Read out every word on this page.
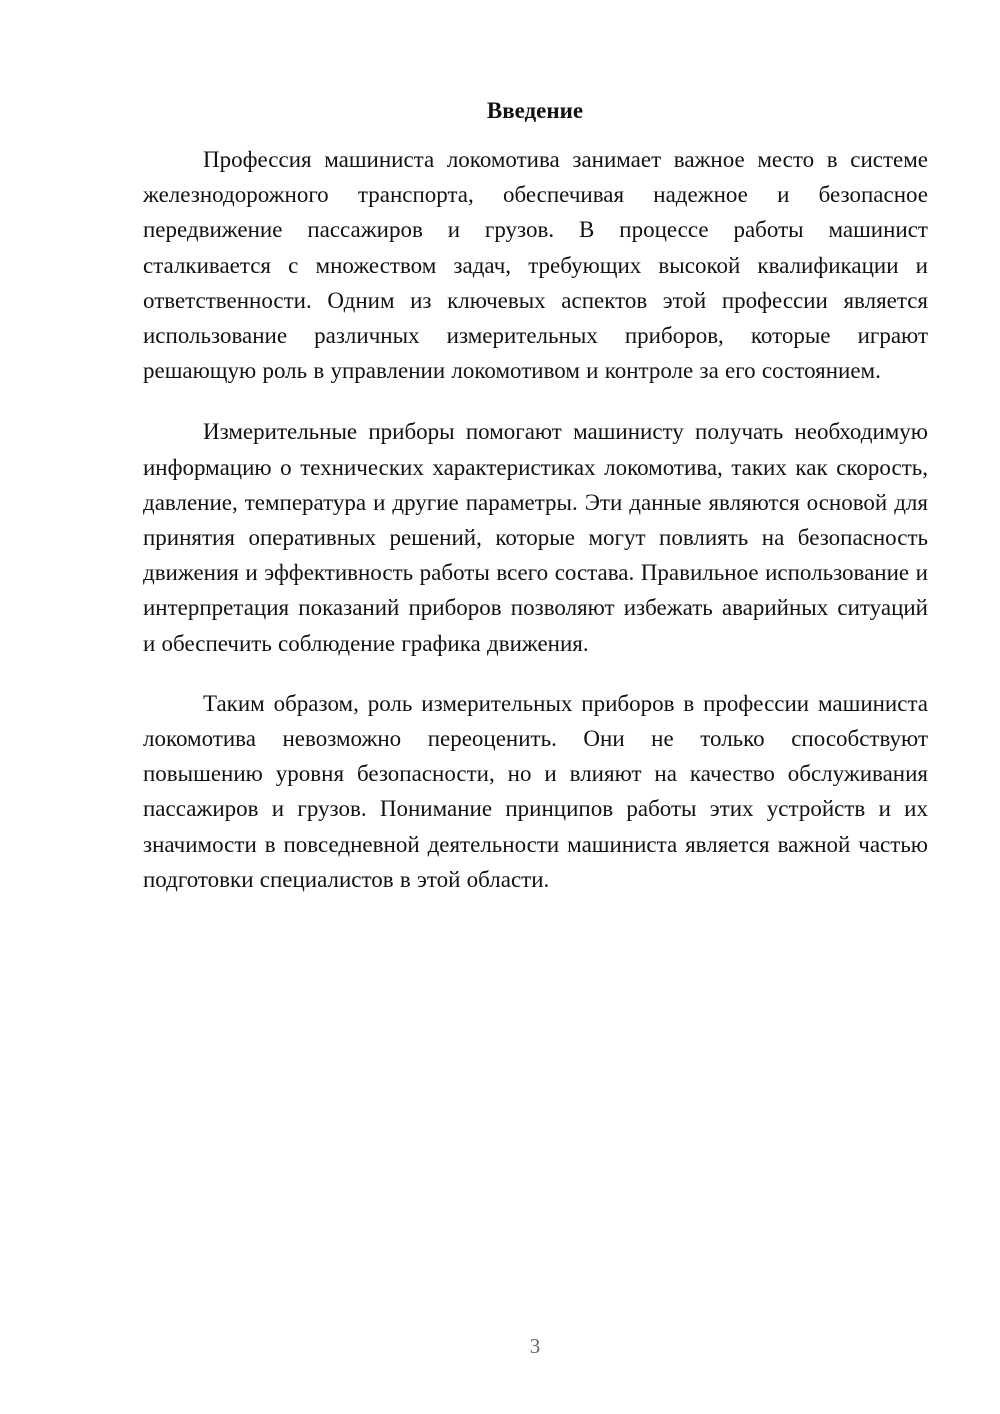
Введение

Профессия машиниста локомотива занимает важное место в системе железнодорожного транспорта, обеспечивая надежное и безопасное передвижение пассажиров и грузов. В процессе работы машинист сталкивается с множеством задач, требующих высокой квалификации и ответственности. Одним из ключевых аспектов этой профессии является использование различных измерительных приборов, которые играют решающую роль в управлении локомотивом и контроле за его состоянием.

Измерительные приборы помогают машинисту получать необходимую информацию о технических характеристиках локомотива, таких как скорость, давление, температура и другие параметры. Эти данные являются основой для принятия оперативных решений, которые могут повлиять на безопасность движения и эффективность работы всего состава. Правильное использование и интерпретация показаний приборов позволяют избежать аварийных ситуаций и обеспечить соблюдение графика движения.

Таким образом, роль измерительных приборов в профессии машиниста локомотива невозможно переоценить. Они не только способствуют повышению уровня безопасности, но и влияют на качество обслуживания пассажиров и грузов. Понимание принципов работы этих устройств и их значимости в повседневной деятельности машиниста является важной частью подготовки специалистов в этой области.

3
